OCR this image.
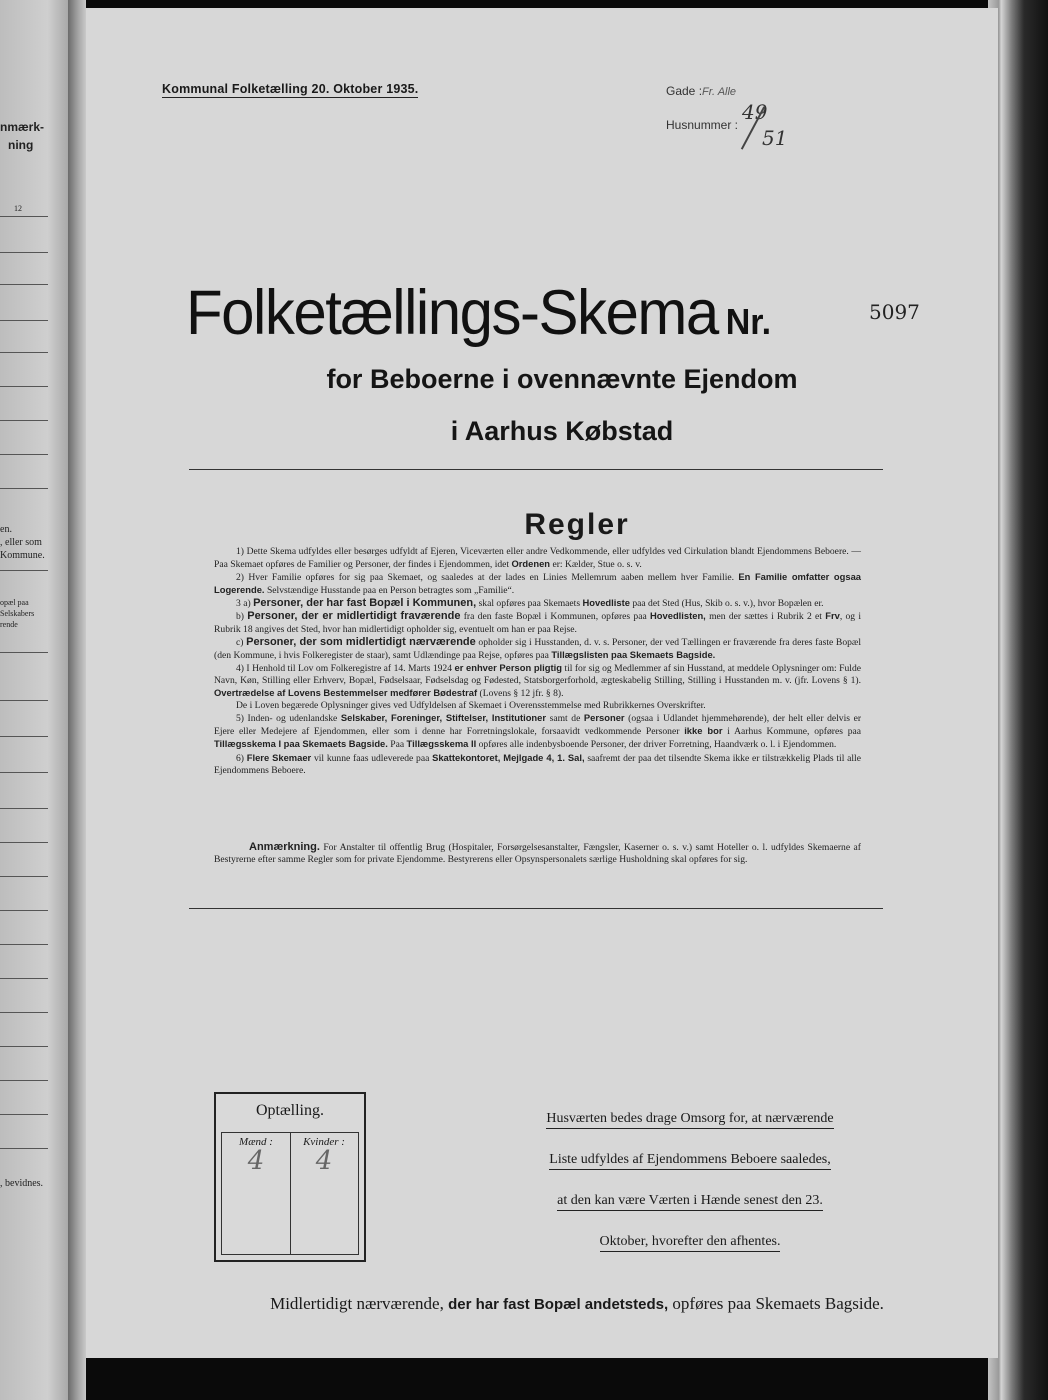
nmærk-
ning
12
en.
, eller som
Kommune.
opæl paa
Selskabers
rende
, bevidnes.
Kommunal Folketælling 20. Oktober 1935.	Gade :Fr. Alle
Husnummer :
49
51
Folketællings-Skema Nr.	5097
for Beboerne i ovennævnte Ejendom
i Aarhus Købstad
Regler

1) Dette Skema udfyldes eller besørges udfyldt af Ejeren, Viceværten eller andre Vedkommende, eller udfyldes ved Cirkulation blandt Ejendommens Beboere. — Paa Skemaet opføres de Familier og Personer, der findes i Ejendommen, idet Ordenen er: Kælder, Stue o. s. v.

2) Hver Familie opføres for sig paa Skemaet, og saaledes at der lades en Linies Mellemrum aaben mellem hver Familie. En Familie omfatter ogsaa Logerende. Selvstændige Husstande paa en Person betragtes som „Familie“.

3 a) Personer, der har fast Bopæl i Kommunen, skal opføres paa Skemaets Hovedliste paa det Sted (Hus, Skib o. s. v.), hvor Bopælen er.

b) Personer, der er midlertidigt fraværende fra den faste Bopæl i Kommunen, opføres paa Hovedlisten, men der sættes i Rubrik 2 et Frv, og i Rubrik 18 angives det Sted, hvor han midlertidigt opholder sig, eventuelt om han er paa Rejse.

c) Personer, der som midlertidigt nærværende opholder sig i Husstanden, d. v. s. Personer, der ved Tællingen er fraværende fra deres faste Bopæl (den Kommune, i hvis Folkeregister de staar), samt Udlændinge paa Rejse, opføres paa Tillægslisten paa Skemaets Bagside.

4) I Henhold til Lov om Folkeregistre af 14. Marts 1924 er enhver Person pligtig til for sig og Medlemmer af sin Husstand, at meddele Oplysninger om: Fulde Navn, Køn, Stilling eller Erhverv, Bopæl, Fødselsaar, Fødselsdag og Fødested, Statsborgerforhold, ægteskabelig Stilling, Stilling i Husstanden m. v. (jfr. Lovens § 1). Overtrædelse af Lovens Bestemmelser medfører Bødestraf (Lovens § 12 jfr. § 8).

De i Loven begærede Oplysninger gives ved Udfyldelsen af Skemaet i Overensstemmelse med Rubrikkernes Overskrifter.

5) Inden- og udenlandske Selskaber, Foreninger, Stiftelser, Institutioner samt de Personer (ogsaa i Udlandet hjemmehørende), der helt eller delvis er Ejere eller Medejere af Ejendommen, eller som i denne har Forretningslokale, forsaavidt vedkommende Personer ikke bor i Aarhus Kommune, opføres paa Tillægsskema I paa Skemaets Bagside. Paa Tillægsskema II opføres alle indenbysboende Personer, der driver Forretning, Haandværk o. l. i Ejendommen.

6) Flere Skemaer vil kunne faas udleverede paa Skattekontoret, Mejlgade 4, 1. Sal, saafremt der paa det tilsendte Skema ikke er tilstrækkelig Plads til alle Ejendommens Beboere.

Anmærkning. For Anstalter til offentlig Brug (Hospitaler, Forsørgelsesanstalter, Fængsler, Kaserner o. s. v.) samt Hoteller o. l. udfyldes Skemaerne af Bestyrerne efter samme Regler som for private Ejendomme. Bestyrerens eller Opsynspersonalets særlige Husholdning skal opføres for sig.

Optælling.
Mænd :
4
Kvinder :
4
Husværten bedes drage Omsorg for, at nærværende
Liste udfyldes af Ejendommens Beboere saaledes,
at den kan være Værten i Hænde senest den 23.
Oktober, hvorefter den afhentes.
Midlertidigt nærværende, der har fast Bopæl andetsteds, opføres paa Skemaets Bagside.
